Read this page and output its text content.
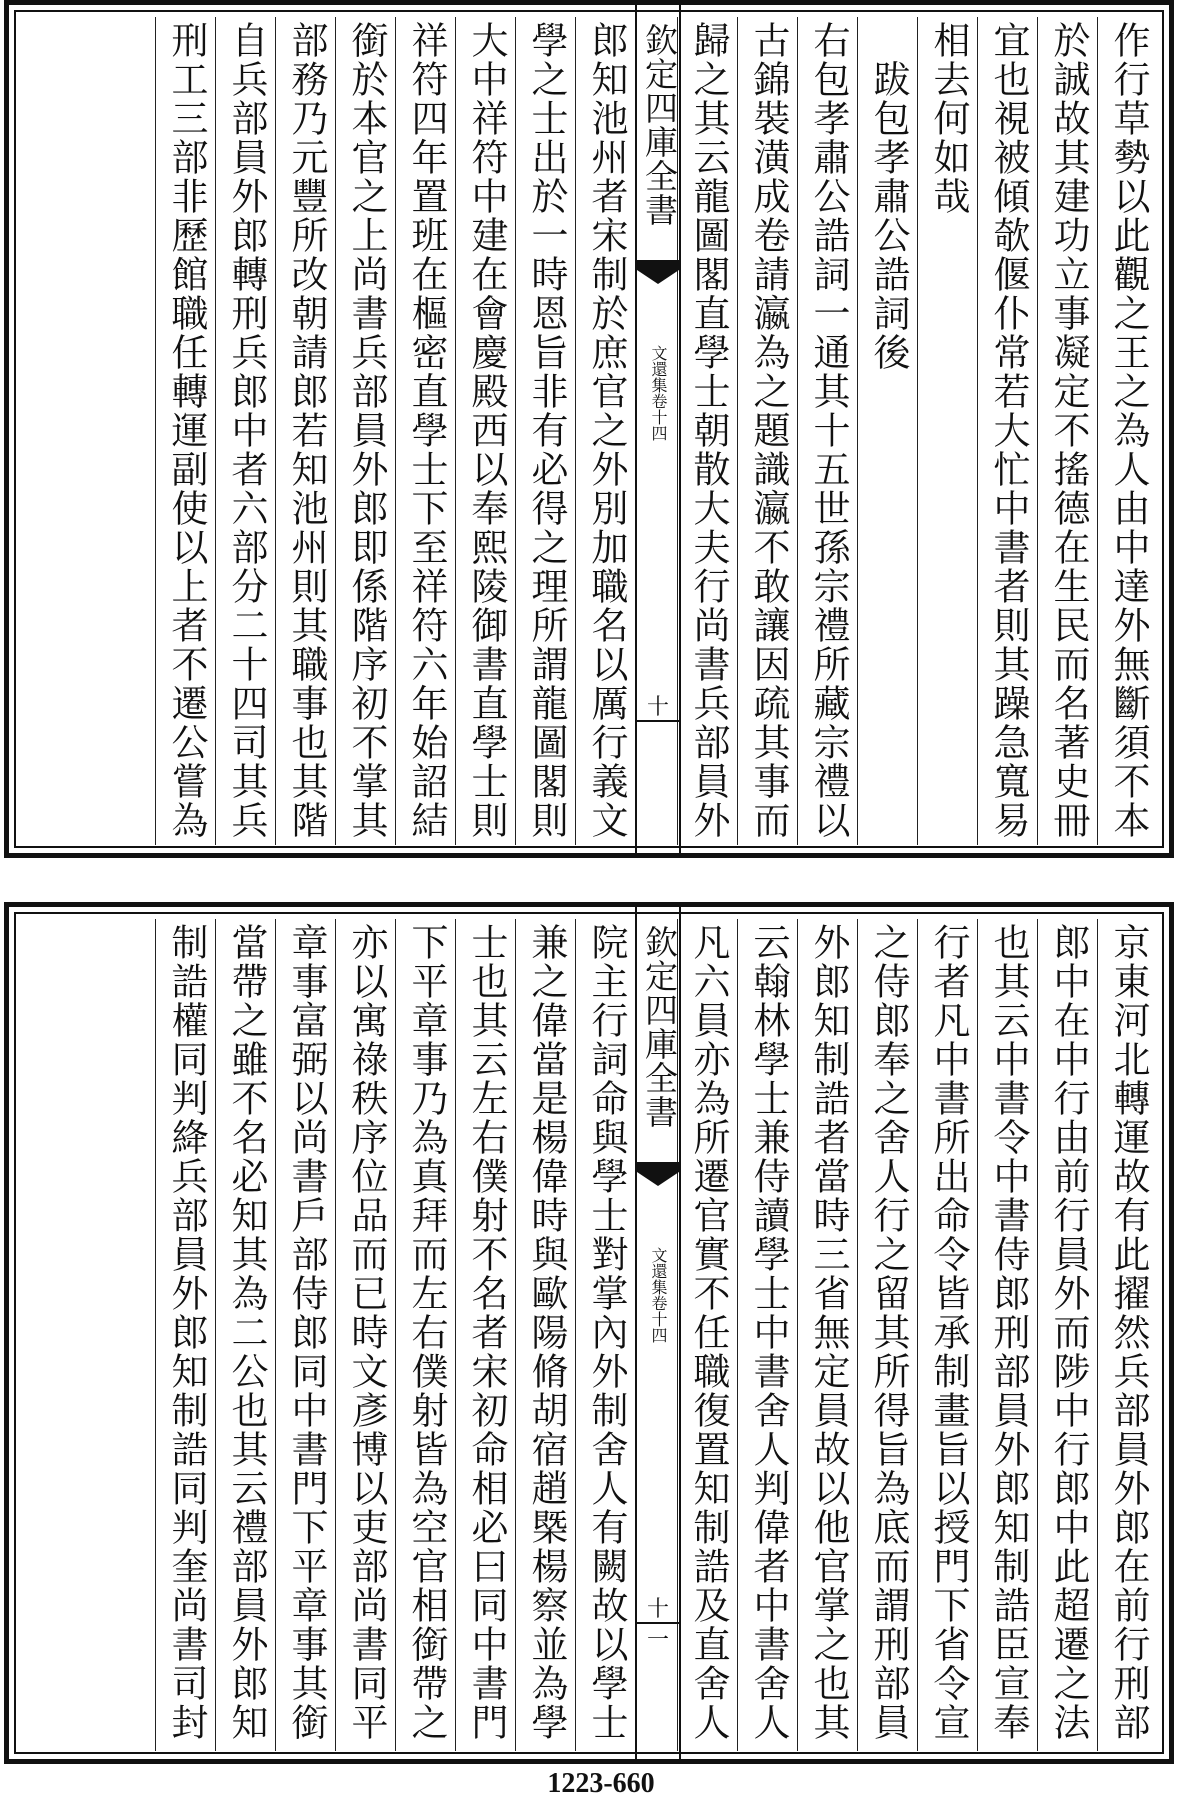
作行草勢以此觀之王之為人由中達外無斷須不本
於誠故其建功立事凝定不搖德在生民而名著史冊
宜也視被傾欹偃仆常若大忙中書者則其躁急寬易
相去何如哉
　跋包孝肅公誥詞後
右包孝肅公誥詞一通其十五世孫宗禮所藏宗禮以
古錦裝潢成卷請瀛為之題識瀛不敢讓因疏其事而
歸之其云龍圖閣直學士朝散大夫行尚書兵部員外
欽定四庫全書
文還集卷十四
十
郎知池州者宋制於庶官之外別加職名以厲行義文
學之士出於一時恩旨非有必得之理所謂龍圖閣則
大中祥符中建在會慶殿西以奉熙陵御書直學士則
祥符四年置班在樞密直學士下至祥符六年始詔結
銜於本官之上尚書兵部員外郎即係階序初不掌其
部務乃元豐所改朝請郎若知池州則其職事也其階
自兵部員外郎轉刑兵郎中者六部分二十四司其兵
刑工三部非歷館職任轉運副使以上者不遷公嘗為
京東河北轉運故有此擢然兵部員外郎在前行刑部
郎中在中行由前行員外而陟中行郎中此超遷之法
也其云中書令中書侍郎刑部員外郎知制誥臣宣奉
行者凡中書所出命令皆承制畫旨以授門下省令宣
之侍郎奉之舍人行之留其所得旨為底而謂刑部員
外郎知制誥者當時三省無定員故以他官掌之也其
云翰林學士兼侍讀學士中書舍人判偉者中書舍人
凡六員亦為所遷官實不任職復置知制誥及直舍人
欽定四庫全書
文還集卷十四
十一
院主行詞命與學士對掌內外制舍人有闕故以學士
兼之偉當是楊偉時與歐陽脩胡宿趙槩楊察並為學
士也其云左右僕射不名者宋初命相必曰同中書門
下平章事乃為真拜而左右僕射皆為空官相銜帶之
亦以寓祿秩序位品而已時文彥博以吏部尚書同平
章事富弼以尚書戶部侍郎同中書門下平章事其銜
當帶之雖不名必知其為二公也其云禮部員外郎知
制誥權同判絳兵部員外郎知制誥同判奎尚書司封
1223-660
